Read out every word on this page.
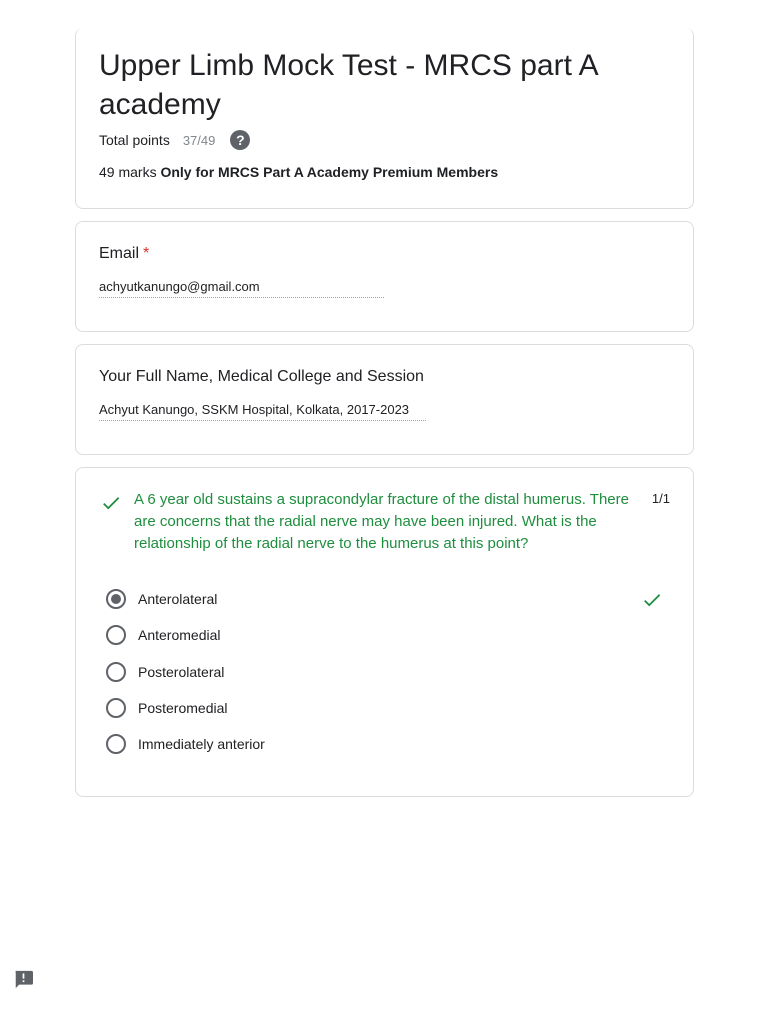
Upper Limb Mock Test - MRCS part A academy
Total points 37/49	?
49 marks Only for MRCS Part A Academy Premium Members
Email *
achyutkanungo@gmail.com
Your Full Name, Medical College and Session
Achyut Kanungo, SSKM Hospital, Kolkata, 2017-2023
A 6 year old sustains a supracondylar fracture of the distal humerus. There are concerns that the radial nerve may have been injured. What is the relationship of the radial nerve to the humerus at this point?
1/1
Anterolateral
Anteromedial
Posterolateral
Posteromedial
Immediately anterior
